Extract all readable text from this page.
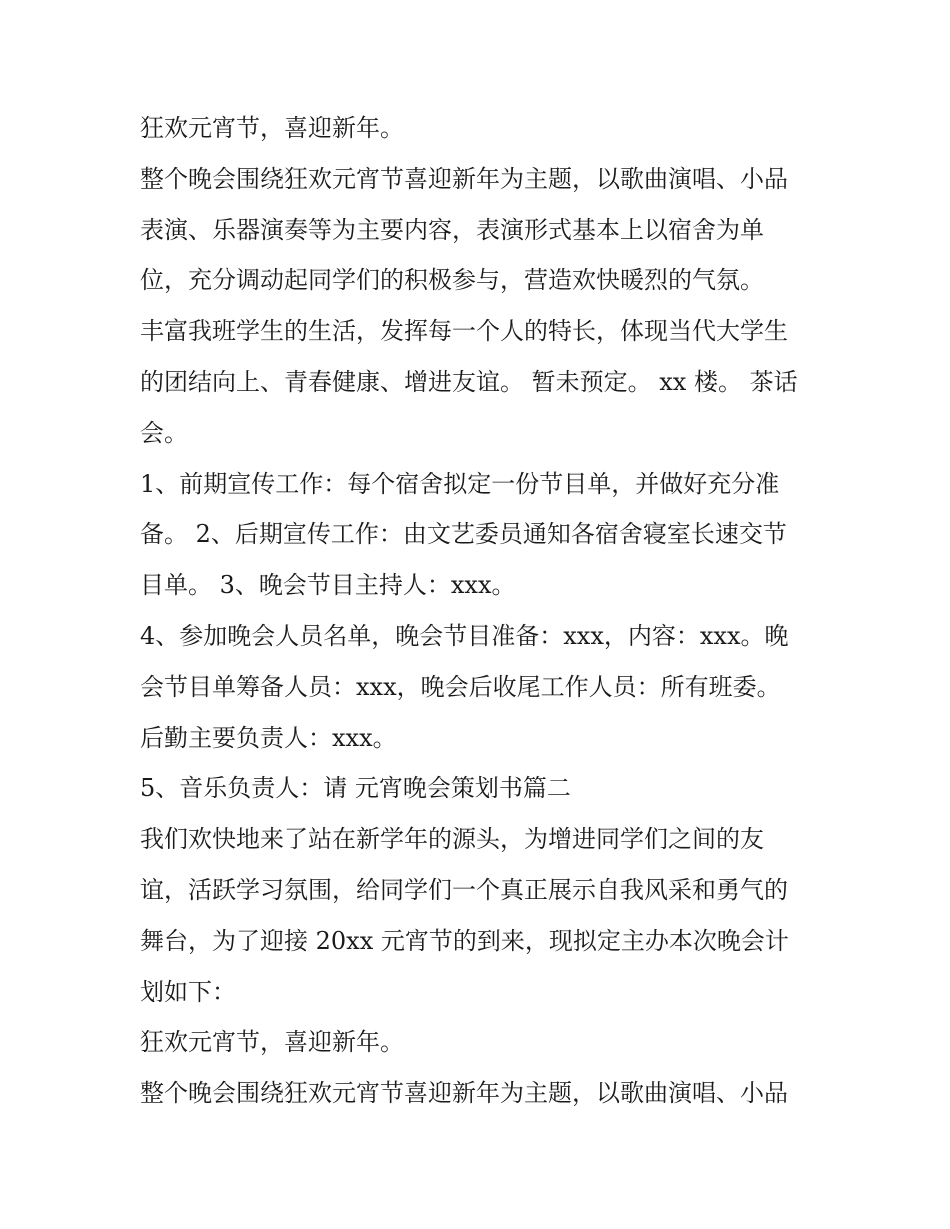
狂欢元宵节，喜迎新年。
整个晚会围绕狂欢元宵节喜迎新年为主题，以歌曲演唱、小品
表演、乐器演奏等为主要内容，表演形式基本上以宿舍为单
位，充分调动起同学们的积极参与，营造欢快暖烈的气氛。
丰富我班学生的生活，发挥每一个人的特长，体现当代大学生
的团结向上、青春健康、增进友谊。 暂未预定。 xx 楼。 茶话
会。
1、前期宣传工作：每个宿舍拟定一份节目单，并做好充分准
备。 2、后期宣传工作：由文艺委员通知各宿舍寝室长速交节
目单。 3、晚会节目主持人：xxx。
4、参加晚会人员名单，晚会节目准备：xxx，内容：xxx。晚
会节目单筹备人员：xxx，晚会后收尾工作人员：所有班委。
后勤主要负责人：xxx。
5、音乐负责人：请 元宵晚会策划书篇二
我们欢快地来了站在新学年的源头，为增进同学们之间的友
谊，活跃学习氛围，给同学们一个真正展示自我风采和勇气的
舞台，为了迎接 20xx 元宵节的到来，现拟定主办本次晚会计
划如下：
狂欢元宵节，喜迎新年。
整个晚会围绕狂欢元宵节喜迎新年为主题，以歌曲演唱、小品
